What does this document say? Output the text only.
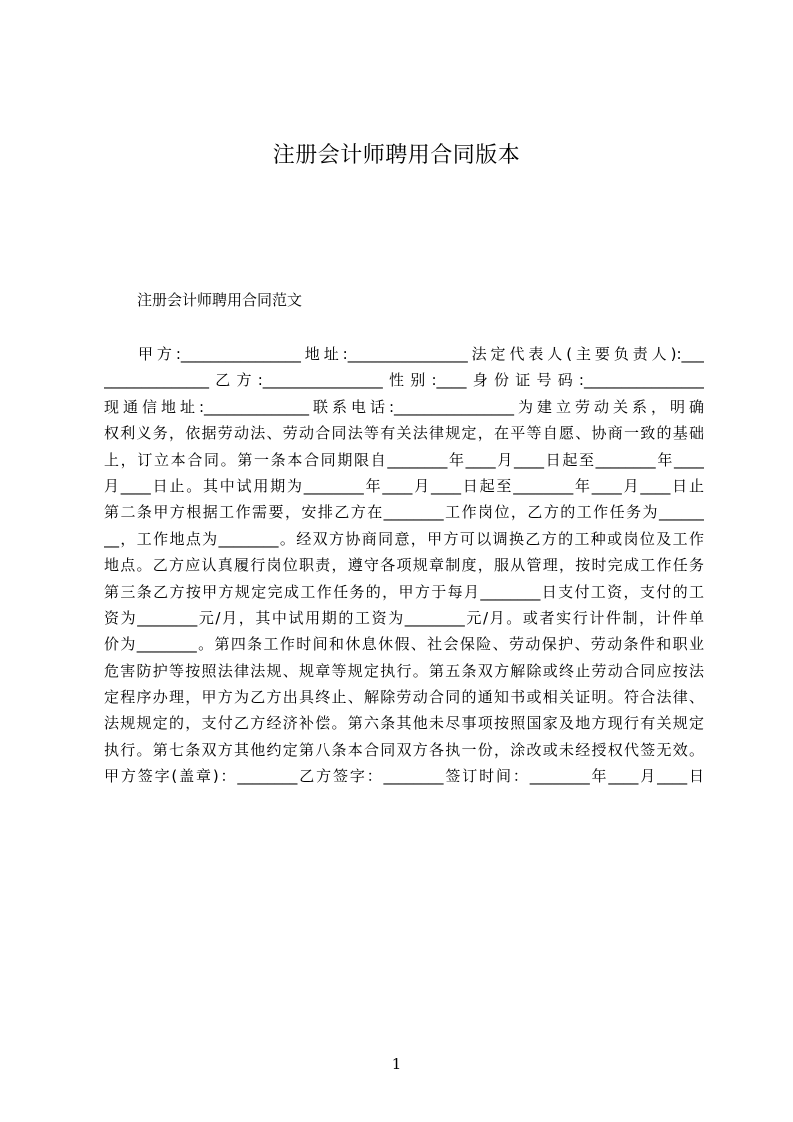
注册会计师聘用合同版本
注册会计师聘用合同范文
甲方:________________地址:________________法定代表人(主要负责人):___
______________乙方:________________性别:____身份证号码:________________
现通信地址:______________联系电话:________________为建立劳动关系，明确
权利义务，依据劳动法、劳动合同法等有关法律规定，在平等自愿、协商一致的基础
上，订立本合同。第一条本合同期限自________年____月____日起至________年____
月____日止。其中试用期为________年____月____日起至________年____月____日止
第二条甲方根据工作需要，安排乙方在________工作岗位，乙方的工作任务为______
__，工作地点为________。经双方协商同意，甲方可以调换乙方的工种或岗位及工作
地点。乙方应认真履行岗位职责，遵守各项规章制度，服从管理，按时完成工作任务
第三条乙方按甲方规定完成工作任务的，甲方于每月________日支付工资，支付的工
资为________元/月，其中试用期的工资为________元/月。或者实行计件制，计件单
价为________。第四条工作时间和休息休假、社会保险、劳动保护、劳动条件和职业
危害防护等按照法律法规、规章等规定执行。第五条双方解除或终止劳动合同应按法
定程序办理，甲方为乙方出具终止、解除劳动合同的通知书或相关证明。符合法律、
法规规定的，支付乙方经济补偿。第六条其他未尽事项按照国家及地方现行有关规定
执行。第七条双方其他约定第八条本合同双方各执一份，涂改或未经授权代签无效。
甲方签字(盖章)：________乙方签字：________签订时间：________年____月____日
1
